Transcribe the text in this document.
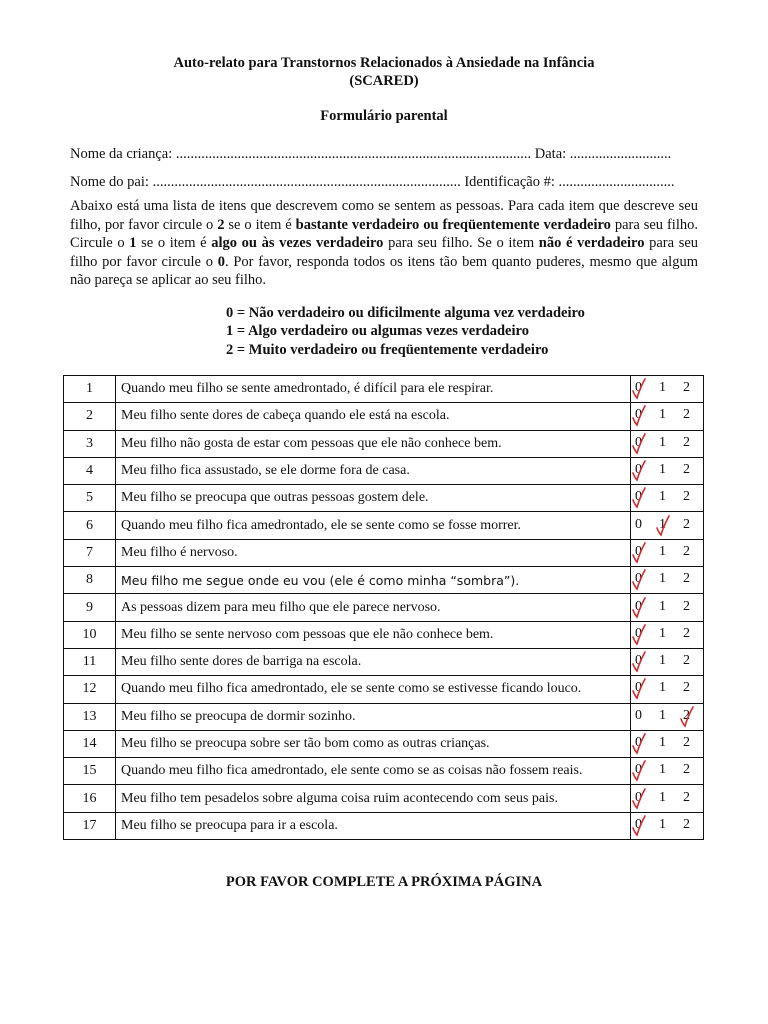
Auto-relato para Transtornos Relacionados à Ansiedade na Infância
(SCARED)
Formulário parental
Nome da criança: .................................................................................................. Data: ............................
Nome do pai: ..................................................................................... Identificação #: ................................
Abaixo está uma lista de itens que descrevem como se sentem as pessoas. Para cada item que descreve seu filho, por favor circule o 2 se o item é bastante verdadeiro ou freqüentemente verdadeiro para seu filho. Circule o 1 se o item é algo ou às vezes verdadeiro para seu filho. Se o item não é verdadeiro para seu filho por favor circule o 0. Por favor, responda todos os itens tão bem quanto puderes, mesmo que algum não pareça se aplicar ao seu filho.
0 = Não verdadeiro ou dificilmente alguma vez verdadeiro
1 = Algo verdadeiro ou algumas vezes verdadeiro
2 = Muito verdadeiro ou freqüentemente verdadeiro
1	Quando meu filho se sente amedrontado, é difícil para ele respirar.	0 1 2

2	Meu filho sente dores de cabeça quando ele está na escola.	0 1 2

3	Meu filho não gosta de estar com pessoas que ele não conhece bem.	0 1 2

4	Meu filho fica assustado, se ele dorme fora de casa.	0 1 2

5	Meu filho se preocupa que outras pessoas gostem dele.	0 1 2

6	Quando meu filho fica amedrontado, ele se sente como se fosse morrer.	0 1 2

7	Meu filho é nervoso.	0 1 2

8	Meu filho me segue onde eu vou (ele é como minha “sombra”).	0 1 2

9	As pessoas dizem para meu filho que ele parece nervoso.	0 1 2

10	Meu filho se sente nervoso com pessoas que ele não conhece bem.	0 1 2

11	Meu filho sente dores de barriga na escola.	0 1 2

12	Quando meu filho fica amedrontado, ele se sente como se estivesse ficando louco.	0 1 2

13	Meu filho se preocupa de dormir sozinho.	0 1 2

14	Meu filho se preocupa sobre ser tão bom como as outras crianças.	0 1 2

15	Quando meu filho fica amedrontado, ele sente como se as coisas não fossem reais.	0 1 2

16	Meu filho tem pesadelos sobre alguma coisa ruim acontecendo com seus pais.	0 1 2

17	Meu filho se preocupa para ir a escola.	0 1 2
POR FAVOR COMPLETE A PRÓXIMA PÁGINA
